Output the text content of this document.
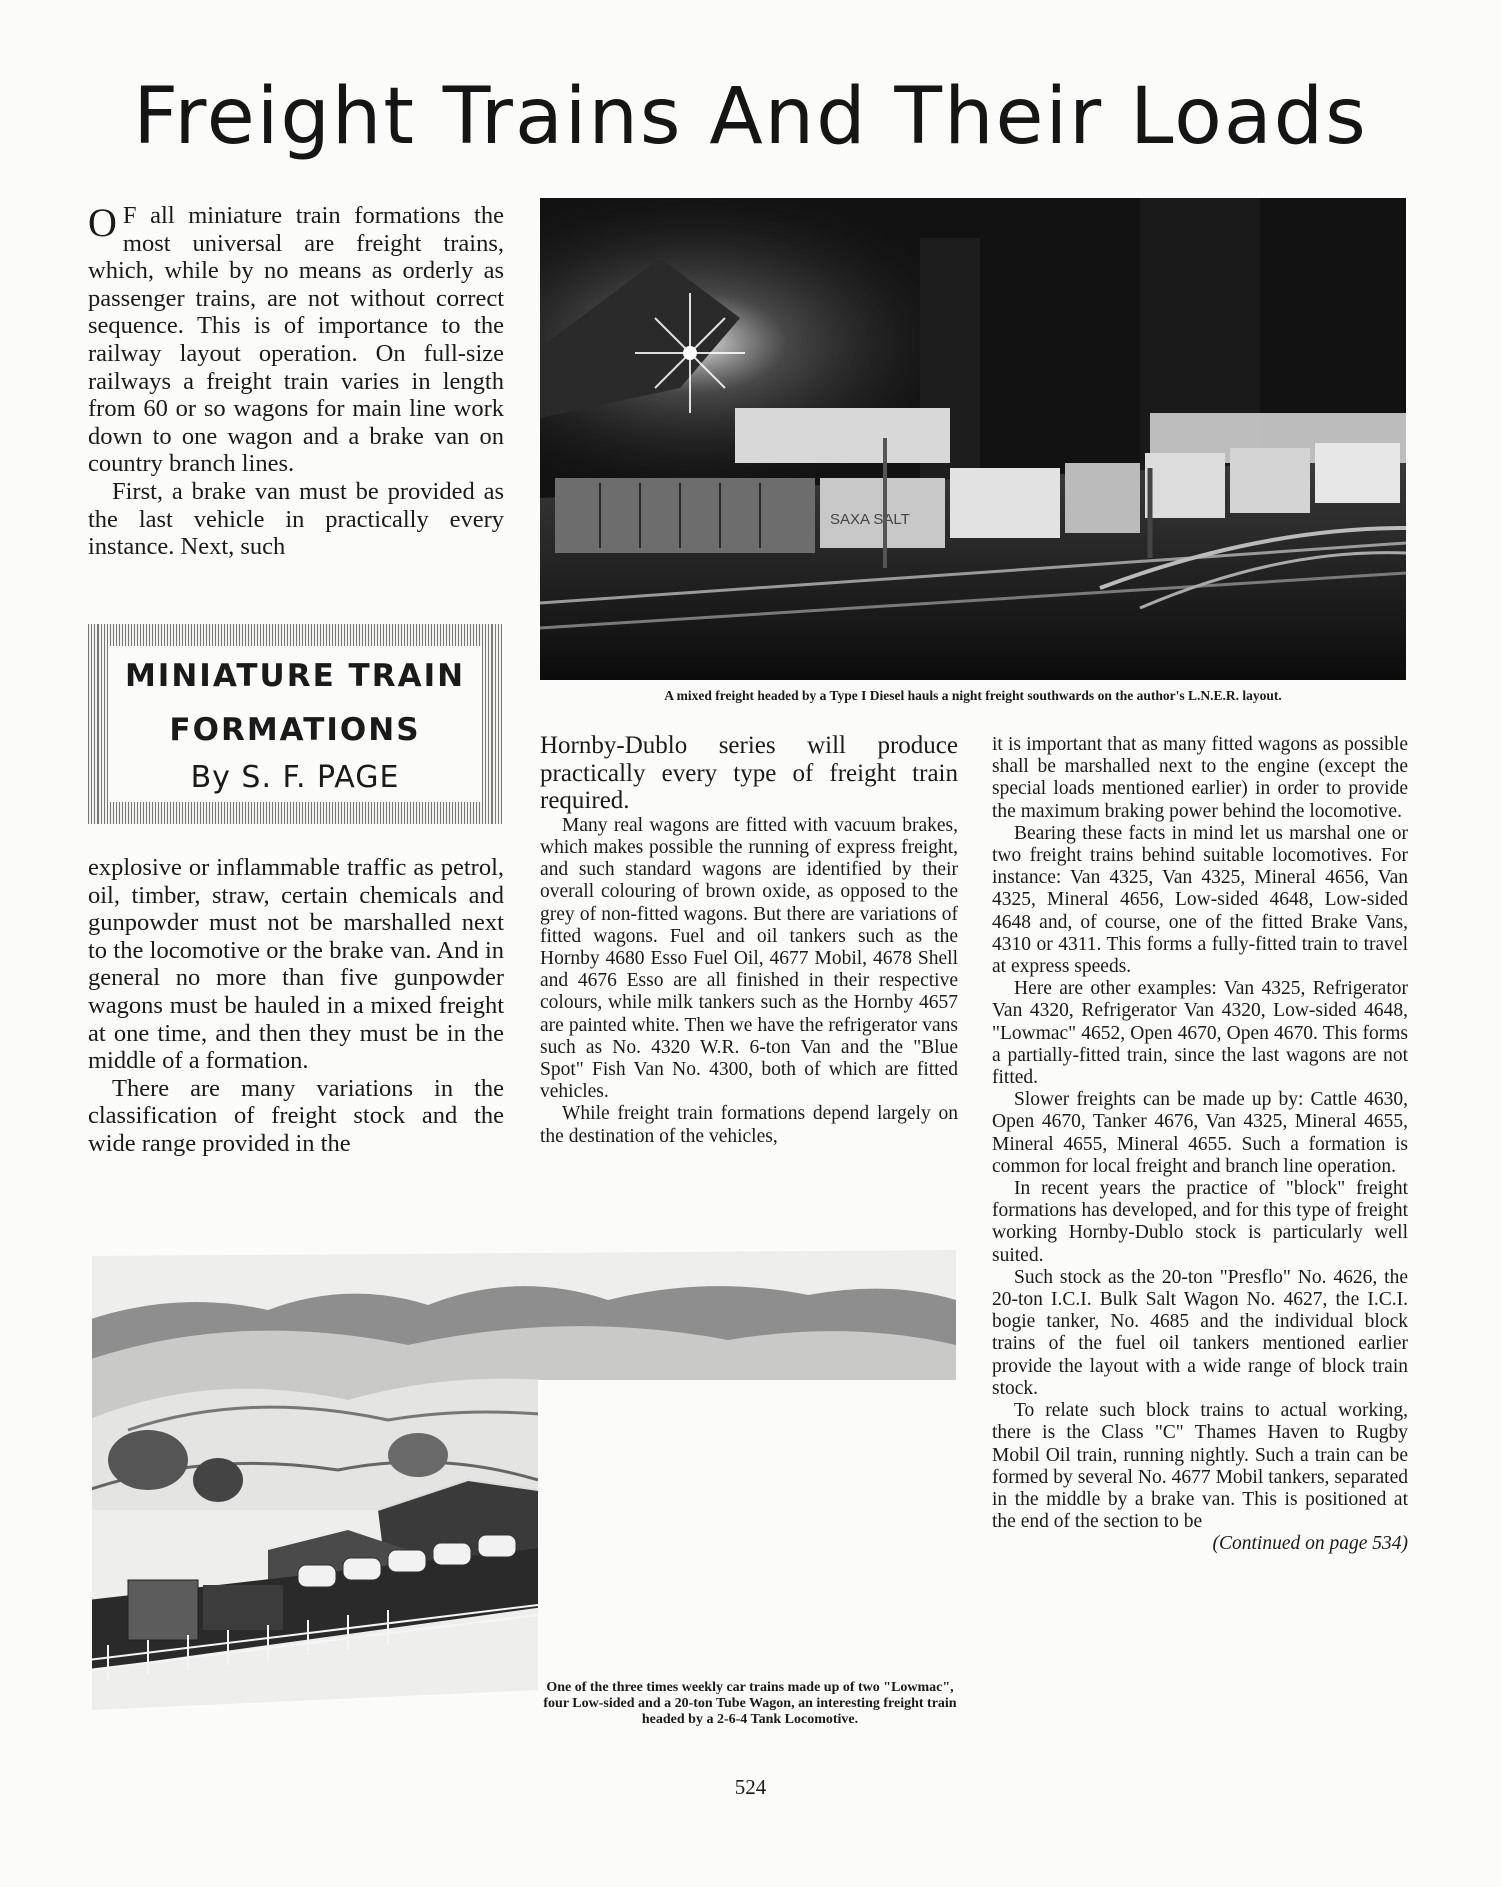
Freight Trains And Their Loads

O F all miniature train formations the most universal are freight trains, which, while by no means as orderly as passenger trains, are not without correct sequence. This is of importance to the railway layout operation. On full-size railways a freight train varies in length from 60 or so wagons for main line work down to one wagon and a brake van on country branch lines.

First, a brake van must be provided as the last vehicle in practically every instance. Next, such

MINIATURE TRAIN
FORMATIONS
By S. F. PAGE

explosive or inflammable traffic as petrol, oil, timber, straw, certain chemicals and gunpowder must not be marshalled next to the locomotive or the brake van. And in general no more than five gunpowder wagons must be hauled in a mixed freight at one time, and then they must be in the middle of a formation.

There are many variations in the classification of freight stock and the wide range provided in the

SAXA SALT
A mixed freight headed by a Type I Diesel hauls a night freight southwards on the author's L.N.E.R. layout.

Hornby-Dublo series will produce practically every type of freight train required.

Many real wagons are fitted with vacuum brakes, which makes possible the running of express freight, and such standard wagons are identified by their overall colouring of brown oxide, as opposed to the grey of non-fitted wagons. But there are variations of fitted wagons. Fuel and oil tankers such as the Hornby 4680 Esso Fuel Oil, 4677 Mobil, 4678 Shell and 4676 Esso are all finished in their respective colours, while milk tankers such as the Hornby 4657 are painted white. Then we have the refrigerator vans such as No. 4320 W.R. 6-ton Van and the "Blue Spot" Fish Van No. 4300, both of which are fitted vehicles.

While freight train formations depend largely on the destination of the vehicles,

it is important that as many fitted wagons as possible shall be marshalled next to the engine (except the special loads mentioned earlier) in order to provide the maximum braking power behind the locomotive.

Bearing these facts in mind let us marshal one or two freight trains behind suitable locomotives. For instance: Van 4325, Van 4325, Mineral 4656, Van 4325, Mineral 4656, Low-sided 4648, Low-sided 4648 and, of course, one of the fitted Brake Vans, 4310 or 4311. This forms a fully-fitted train to travel at express speeds.

Here are other examples: Van 4325, Refrigerator Van 4320, Refrigerator Van 4320, Low-sided 4648, "Lowmac" 4652, Open 4670, Open 4670. This forms a partially-fitted train, since the last wagons are not fitted.

Slower freights can be made up by: Cattle 4630, Open 4670, Tanker 4676, Van 4325, Mineral 4655, Mineral 4655, Mineral 4655. Such a formation is common for local freight and branch line operation.

In recent years the practice of "block" freight formations has developed, and for this type of freight working Hornby-Dublo stock is particularly well suited.

Such stock as the 20-ton "Presflo" No. 4626, the 20-ton I.C.I. Bulk Salt Wagon No. 4627, the I.C.I. bogie tanker, No. 4685 and the individual block trains of the fuel oil tankers mentioned earlier provide the layout with a wide range of block train stock.

To relate such block trains to actual working, there is the Class "C" Thames Haven to Rugby Mobil Oil train, running nightly. Such a train can be formed by several No. 4677 Mobil tankers, separated in the middle by a brake van. This is positioned at the end of the section to be

(Continued on page 534)

One of the three times weekly car trains made up of two "Lowmac", four Low-sided and a 20-ton Tube Wagon, an interesting freight train headed by a 2-6-4 Tank Locomotive.
524
